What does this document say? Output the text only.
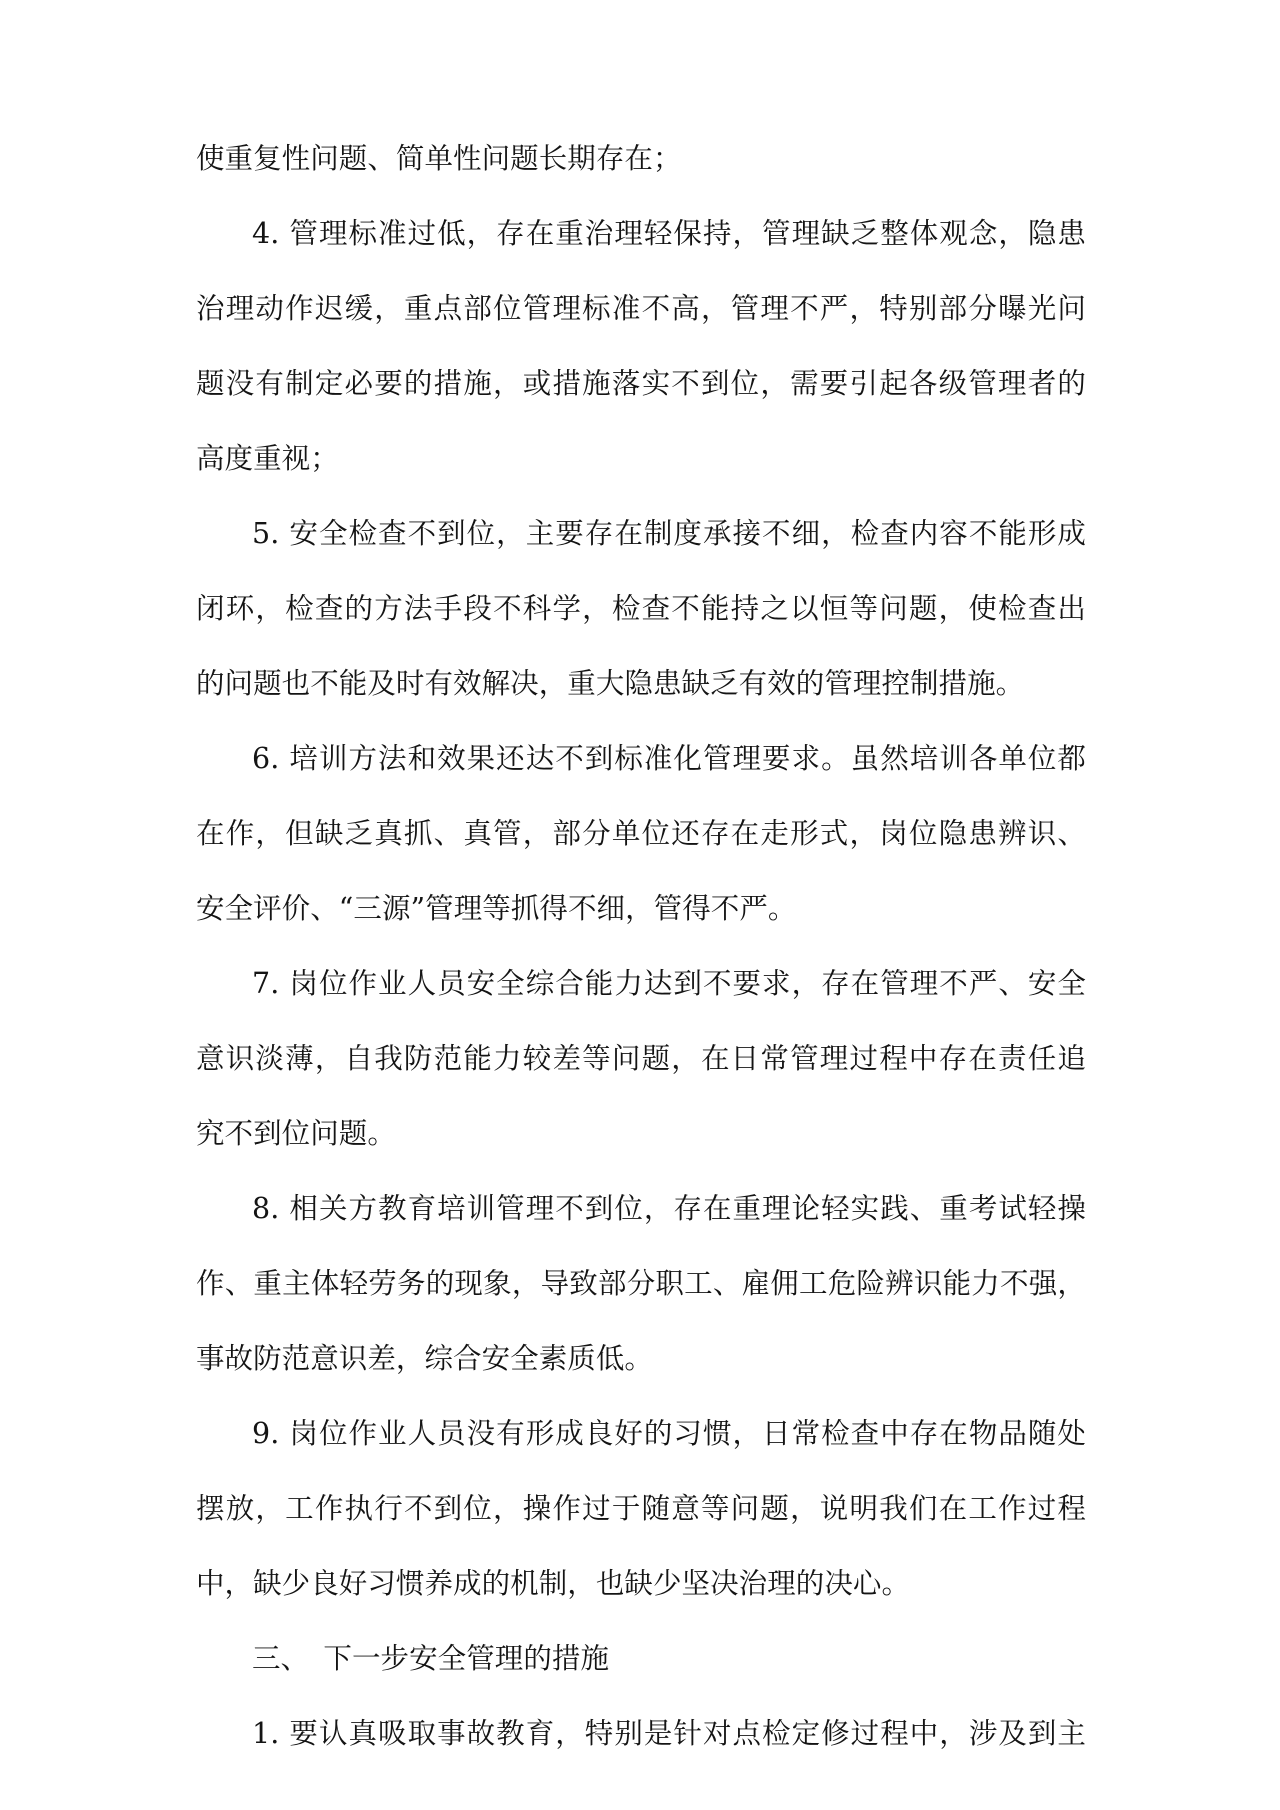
使重复性问题、简单性问题长期存在；
4. 管理标准过低，存在重治理轻保持，管理缺乏整体观念，隐患
治理动作迟缓，重点部位管理标准不高，管理不严，特别部分曝光问
题没有制定必要的措施，或措施落实不到位，需要引起各级管理者的
高度重视；
5. 安全检查不到位，主要存在制度承接不细，检查内容不能形成
闭环，检查的方法手段不科学，检查不能持之以恒等问题，使检查出
的问题也不能及时有效解决，重大隐患缺乏有效的管理控制措施。
6. 培训方法和效果还达不到标准化管理要求。虽然培训各单位都
在作，但缺乏真抓、真管，部分单位还存在走形式，岗位隐患辨识、
安全评价、“三源”管理等抓得不细，管得不严。
7. 岗位作业人员安全综合能力达到不要求，存在管理不严、安全
意识淡薄，自我防范能力较差等问题，在日常管理过程中存在责任追
究不到位问题。
8. 相关方教育培训管理不到位，存在重理论轻实践、重考试轻操
作、重主体轻劳务的现象，导致部分职工、雇佣工危险辨识能力不强，
事故防范意识差，综合安全素质低。
9. 岗位作业人员没有形成良好的习惯，日常检查中存在物品随处
摆放，工作执行不到位，操作过于随意等问题，说明我们在工作过程
中，缺少良好习惯养成的机制，也缺少坚决治理的决心。
三、　下一步安全管理的措施
1. 要认真吸取事故教育，特别是针对点检定修过程中，涉及到主
